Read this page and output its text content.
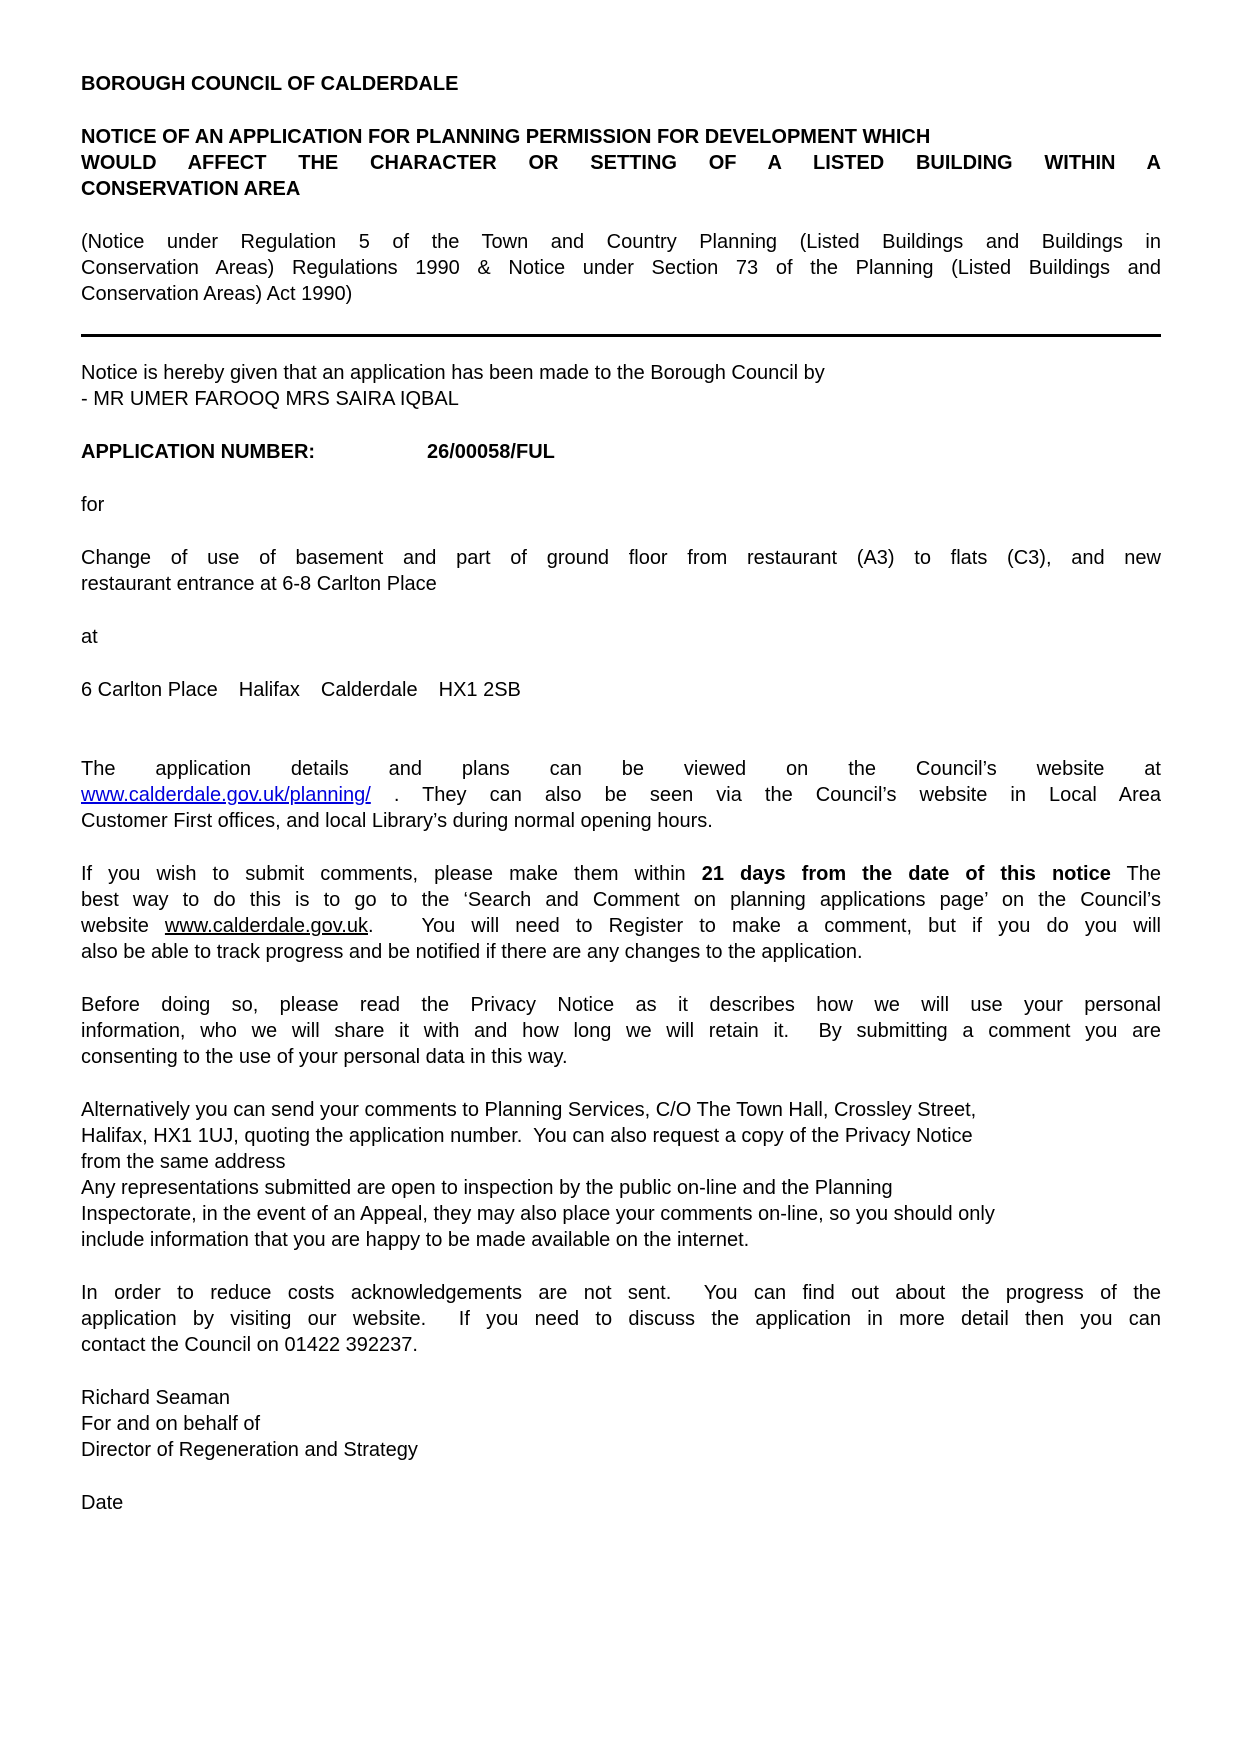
BOROUGH COUNCIL OF CALDERDALE
NOTICE OF AN APPLICATION FOR PLANNING PERMISSION FOR DEVELOPMENT WHICH
WOULD AFFECT THE CHARACTER OR SETTING OF A LISTED BUILDING WITHIN A
CONSERVATION AREA
(Notice under Regulation 5 of the Town and Country Planning (Listed Buildings and Buildings in
Conservation Areas) Regulations 1990 & Notice under Section 73 of the Planning (Listed Buildings and
Conservation Areas) Act 1990)
Notice is hereby given that an application has been made to the Borough Council by
- MR UMER FAROOQ MRS SAIRA IQBAL
APPLICATION NUMBER:	26/00058/FUL
for
Change of use of basement and part of ground floor from restaurant (A3) to flats (C3), and new
restaurant entrance at 6-8 Carlton Place
at
6 Carlton Place Halifax Calderdale HX1 2SB
The application details and plans can be viewed on the Council’s website at
www.calderdale.gov.uk/planning/ . They can also be seen via the Council’s website in Local Area
Customer First offices, and local Library’s during normal opening hours.
If you wish to submit comments, please make them within 21 days from the date of this notice The
best way to do this is to go to the ‘Search and Comment on planning applications page’ on the Council’s
website www.calderdale.gov.uk.   You will need to Register to make a comment, but if you do you will
also be able to track progress and be notified if there are any changes to the application.
Before doing so, please read the Privacy Notice as it describes how we will use your personal
information, who we will share it with and how long we will retain it.  By submitting a comment you are
consenting to the use of your personal data in this way.
Alternatively you can send your comments to Planning Services, C/O The Town Hall, Crossley Street,
Halifax, HX1 1UJ, quoting the application number.  You can also request a copy of the Privacy Notice
from the same address
Any representations submitted are open to inspection by the public on-line and the Planning
Inspectorate, in the event of an Appeal, they may also place your comments on-line, so you should only
include information that you are happy to be made available on the internet.
In order to reduce costs acknowledgements are not sent.  You can find out about the progress of the
application by visiting our website.  If you need to discuss the application in more detail then you can
contact the Council on 01422 392237.
Richard Seaman
For and on behalf of
Director of Regeneration and Strategy
Date
